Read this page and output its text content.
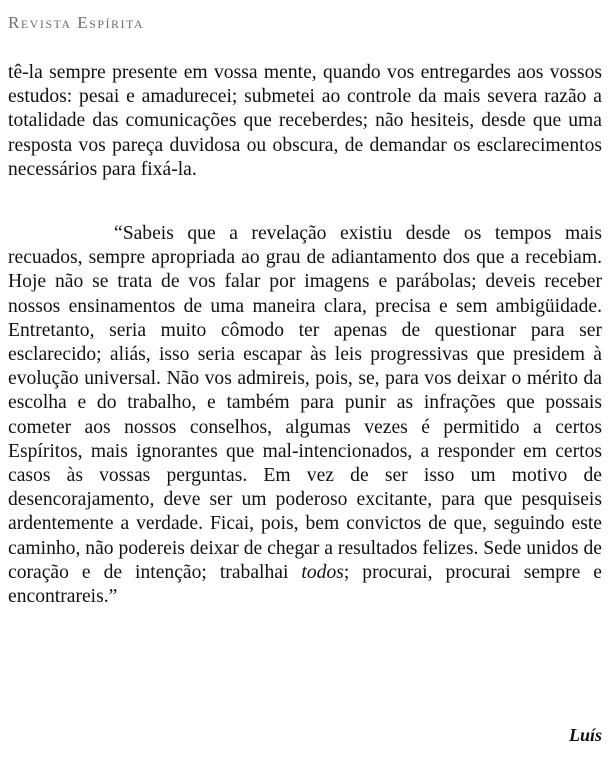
Revista Espírita

tê-la sempre presente em vossa mente, quando vos entregardes aos vossos estudos: pesai e amadurecei; submetei ao controle da mais severa razão a totalidade das comunicações que receberdes; não hesiteis, desde que uma resposta vos pareça duvidosa ou obscura, de demandar os esclarecimentos necessários para fixá-la.

“Sabeis que a revelação existiu desde os tempos mais recuados, sempre apropriada ao grau de adiantamento dos que a recebiam. Hoje não se trata de vos falar por imagens e parábolas; deveis receber nossos ensinamentos de uma maneira clara, precisa e sem ambigüidade. Entretanto, seria muito cômodo ter apenas de questionar para ser esclarecido; aliás, isso seria escapar às leis progressivas que presidem à evolução universal. Não vos admireis, pois, se, para vos deixar o mérito da escolha e do trabalho, e também para punir as infrações que possais cometer aos nossos conselhos, algumas vezes é permitido a certos Espíritos, mais ignorantes que mal-intencionados, a responder em certos casos às vossas perguntas. Em vez de ser isso um motivo de desencorajamento, deve ser um poderoso excitante, para que pesquiseis ardentemente a verdade. Ficai, pois, bem convictos de que, seguindo este caminho, não podereis deixar de chegar a resultados felizes. Sede unidos de coração e de intenção; trabalhai todos; procurai, procurai sempre e encontrareis.”

Luís
